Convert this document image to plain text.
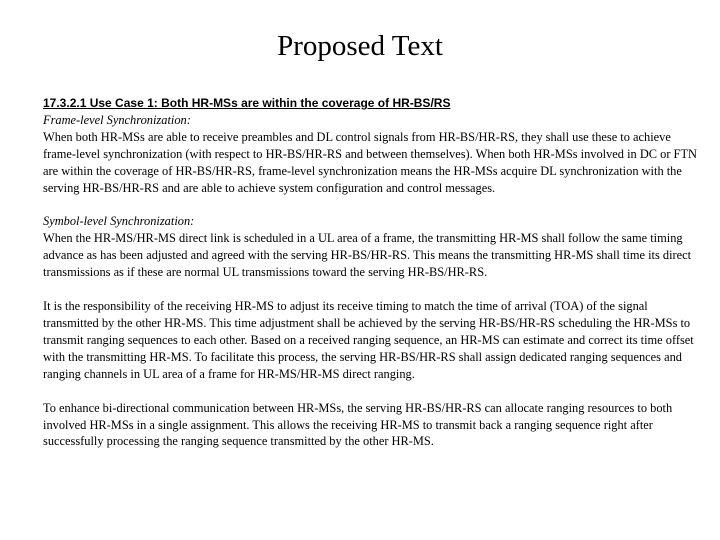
Proposed Text
17.3.2.1 Use Case 1: Both HR-MSs are within the coverage of HR-BS/RS
Frame-level Synchronization:

When both HR-MSs are able to receive preambles and DL control signals from HR-BS/HR-RS, they shall use these to achieve frame-level synchronization (with respect to HR-BS/HR-RS and between themselves). When both HR-MSs involved in DC or FTN are within the coverage of HR-BS/HR-RS, frame-level synchronization means the HR-MSs acquire DL synchronization with the serving HR-BS/HR-RS and are able to achieve system configuration and control messages.

Symbol-level Synchronization:

When the HR-MS/HR-MS direct link is scheduled in a UL area of a frame, the transmitting HR-MS shall follow the same timing advance as has been adjusted and agreed with the serving HR-BS/HR-RS. This means the transmitting HR-MS shall time its direct transmissions as if these are normal UL transmissions toward the serving HR-BS/HR-RS.

It is the responsibility of the receiving HR-MS to adjust its receive timing to match the time of arrival (TOA) of the signal transmitted by the other HR-MS. This time adjustment shall be achieved by the serving HR-BS/HR-RS scheduling the HR-MSs to transmit ranging sequences to each other. Based on a received ranging sequence, an HR-MS can estimate and correct its time offset with the transmitting HR-MS. To facilitate this process, the serving HR-BS/HR-RS shall assign dedicated ranging sequences and ranging channels in UL area of a frame for HR-MS/HR-MS direct ranging.

To enhance bi-directional communication between HR-MSs, the serving HR-BS/HR-RS can allocate ranging resources to both involved HR-MSs in a single assignment. This allows the receiving HR-MS to transmit back a ranging sequence right after successfully processing the ranging sequence transmitted by the other HR-MS.
